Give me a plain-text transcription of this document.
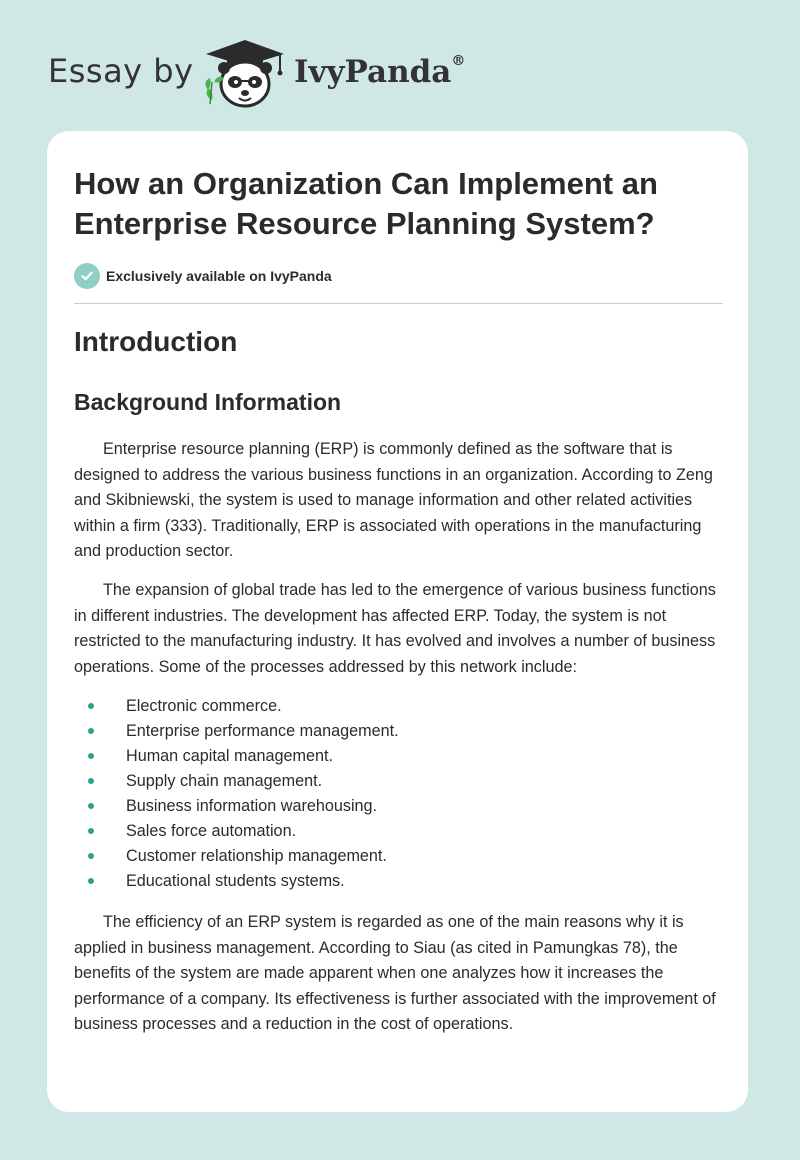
Essay by	IvyPanda®
How an Organization Can Implement an Enterprise Resource Planning System?
Exclusively available on IvyPanda
Introduction
Background Information

Enterprise resource planning (ERP) is commonly defined as the software that is designed to address the various business functions in an organization. According to Zeng and Skibniewski, the system is used to manage information and other related activities within a firm (333). Traditionally, ERP is associated with operations in the manufacturing and production sector.

The expansion of global trade has led to the emergence of various business functions in different industries. The development has affected ERP. Today, the system is not restricted to the manufacturing industry. It has evolved and involves a number of business operations. Some of the processes addressed by this network include:

Electronic commerce.
Enterprise performance management.
Human capital management.
Supply chain management.
Business information warehousing.
Sales force automation.
Customer relationship management.
Educational students systems.

The efficiency of an ERP system is regarded as one of the main reasons why it is applied in business management. According to Siau (as cited in Pamungkas 78), the benefits of the system are made apparent when one analyzes how it increases the performance of a company. Its effectiveness is further associated with the improvement of business processes and a reduction in the cost of operations.
